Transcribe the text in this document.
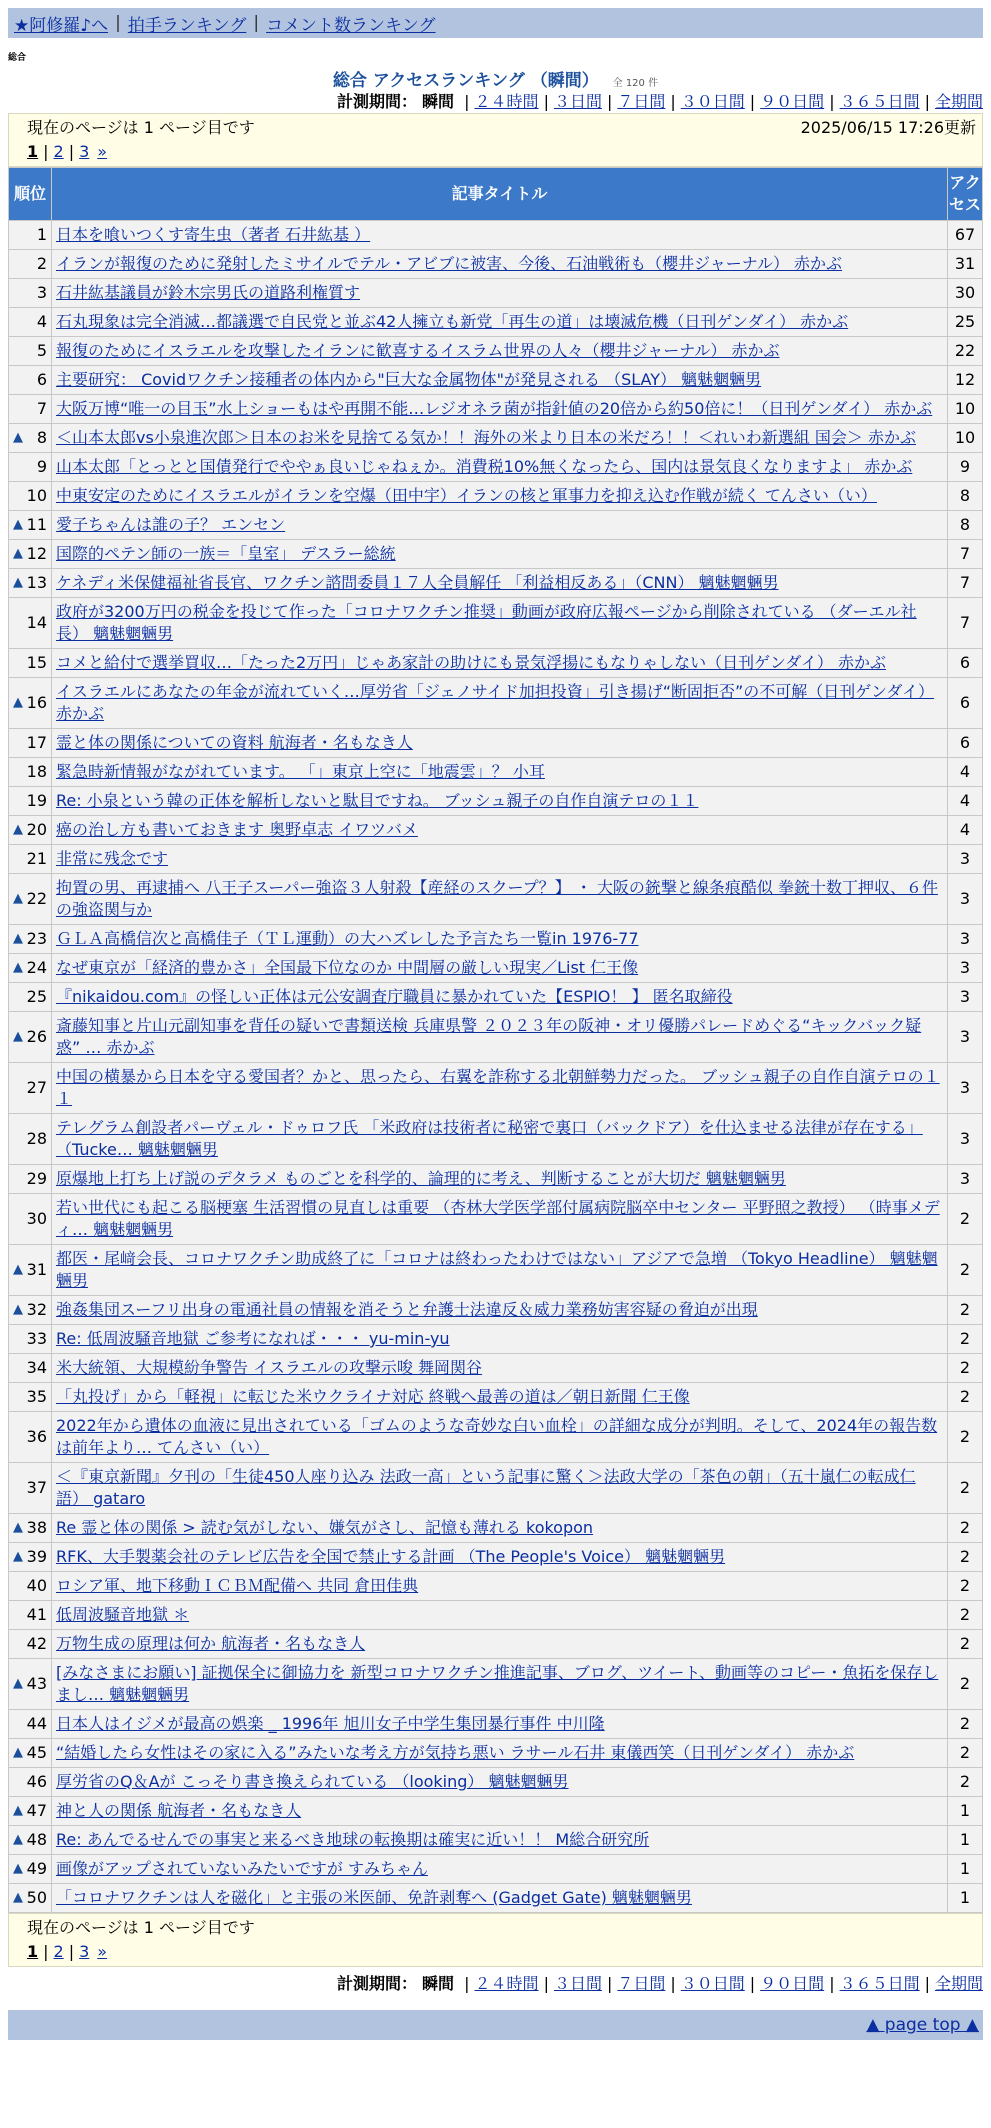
★阿修羅♪へ | 拍手ランキング | コメント数ランキング
総合
総合 アクセスランキング （瞬間） 全 120 件
計測期間： 瞬間 | ２４時間 | ３日間 | ７日間 | ３０日間 | ９０日間 | ３６５日間 | 全期間
現在のページは 1 ページ目です	2025/06/15 17:26更新
1 | 2 | 3 »
順位	記事タイトル	アクセス
1	日本を喰いつくす寄生虫（著者 石井紘基 ）	67
2	イランが報復のために発射したミサイルでテル・アビブに被害、今後、石油戦術も（櫻井ジャーナル） 赤かぶ	31
3	石井紘基議員が鈴木宗男氏の道路利権質す	30
4	石丸現象は完全消滅…都議選で自民党と並ぶ42人擁立も新党「再生の道」は壊滅危機（日刊ゲンダイ） 赤かぶ	25
5	報復のためにイスラエルを攻撃したイランに歓喜するイスラム世界の人々（櫻井ジャーナル） 赤かぶ	22
6	主要研究： Covidワクチン接種者の体内から"巨大な金属物体"が発見される （SLAY） 魑魅魍魎男	12
7	大阪万博“唯一の目玉”水上ショーもはや再開不能…レジオネラ菌が指針値の20倍から約50倍に！（日刊ゲンダイ） 赤かぶ	10

▲ 8	＜山本太郎vs小泉進次郎＞日本のお米を見捨てる気か！！海外の米より日本の米だろ！！＜れいわ新選組 国会＞ 赤かぶ	10
9	山本太郎「とっとと国債発行でややぁ良いじゃねぇか。消費税10%無くなったら、国内は景気良くなりますよ」 赤かぶ	9
10	中東安定のためにイスラエルがイランを空爆（田中宇）イランの核と軍事力を抑え込む作戦が続く てんさい（い）	8

▲ 11	愛子ちゃんは誰の子？ エンセン	8

▲ 12	国際的ペテン師の一族＝「皇室」 デスラー総統	7

▲ 13	ケネディ米保健福祉省長官、ワクチン諮問委員１７人全員解任 「利益相反ある」（CNN） 魑魅魍魎男	7
14	政府が3200万円の税金を投じて作った「コロナワクチン推奨」動画が政府広報ページから削除されている （ダーエル社長） 魑魅魍魎男	7
15	コメと給付で選挙買収…「たった2万円」じゃあ家計の助けにも景気浮揚にもなりゃしない（日刊ゲンダイ） 赤かぶ	6

▲ 16	イスラエルにあなたの年金が流れていく…厚労省「ジェノサイド加担投資」引き揚げ“断固拒否”の不可解（日刊ゲンダイ） 赤かぶ	6
17	霊と体の関係についての資料 航海者・名もなき人	6
18	緊急時新情報がながれています。 「」東京上空に「地震雲」？ 小耳	4
19	Re: 小泉という韓の正体を解析しないと駄目ですね。 ブッシュ親子の自作自演テロの１１	4

▲ 20	癌の治し方も書いておきます 奥野卓志 イワツバメ	4
21	非常に残念です	3

▲ 22	拘置の男、再逮捕へ 八王子スーパー強盗３人射殺【産経のスクープ？】 ・ 大阪の銃撃と線条痕酷似 拳銃十数丁押収、６件の強盗関与か	3

▲ 23	ＧＬＡ高橋信次と高橋佳子（ＴＬ運動）の大ハズレした予言たち一覧in 1976-77	3

▲ 24	なぜ東京が「経済的豊かさ」全国最下位なのか 中間層の厳しい現実／List 仁王像	3
25	『nikaidou.com』の怪しい正体は元公安調査庁職員に暴かれていた【ESPIO！ 】 匿名取締役	3

▲ 26	斎藤知事と片山元副知事を背任の疑いで書類送検 兵庫県警 ２０２３年の阪神・オリ優勝パレードめぐる“キックバック疑惑” … 赤かぶ	3
27	中国の横暴から日本を守る愛国者？かと、思ったら、右翼を詐称する北朝鮮勢力だった。 ブッシュ親子の自作自演テロの１１	3
28	テレグラム創設者パーヴェル・ドゥロフ氏 「米政府は技術者に秘密で裏口（バックドア）を仕込ませる法律が存在する」 （Tucke… 魑魅魍魎男	3
29	原爆地上打ち上げ説のデタラメ ものごとを科学的、論理的に考え、判断することが大切だ 魑魅魍魎男	3
30	若い世代にも起こる脳梗塞 生活習慣の見直しは重要 （杏林大学医学部付属病院脳卒中センター 平野照之教授） （時事メディ… 魑魅魍魎男	2

▲ 31	都医・尾﨑会長、コロナワクチン助成終了に「コロナは終わったわけではない」アジアで急増 （Tokyo Headline） 魑魅魍魎男	2

▲ 32	強姦集団スーフリ出身の電通社員の情報を消そうと弁護士法違反＆威力業務妨害容疑の脅迫が出現	2
33	Re: 低周波騒音地獄 ご参考になれば・・・ yu-min-yu	2
34	米大統領、大規模紛争警告 イスラエルの攻撃示唆 舞岡関谷	2
35	「丸投げ」から「軽視」に転じた米ウクライナ対応 終戦へ最善の道は／朝日新聞 仁王像	2
36	2022年から遺体の血液に見出されている「ゴムのような奇妙な白い血栓」の詳細な成分が判明。そして、2024年の報告数は前年より… てんさい（い）	2
37	＜『東京新聞』夕刊の「生徒450人座り込み 法政一高」という記事に驚く＞法政大学の「茶色の朝」（五十嵐仁の転成仁語） gataro	2

▲ 38	Re 霊と体の関係 > 読む気がしない、嫌気がさし、記憶も薄れる kokopon	2

▲ 39	RFK、大手製薬会社のテレビ広告を全国で禁止する計画 （The People's Voice） 魑魅魍魎男	2
40	ロシア軍、地下移動ＩＣＢＭ配備へ 共同 倉田佳典	2
41	低周波騒音地獄 ＊	2
42	万物生成の原理は何か 航海者・名もなき人	2

▲ 43	[みなさまにお願い] 証拠保全に御協力を 新型コロナワクチン推進記事、ブログ、ツイート、動画等のコピー・魚拓を保存しまし… 魑魅魍魎男	2
44	日本人はイジメが最高の娯楽 _ 1996年 旭川女子中学生集団暴行事件 中川隆	2

▲ 45	“結婚したら女性はその家に入る”みたいな考え方が気持ち悪い ラサール石井 東儀西笑（日刊ゲンダイ） 赤かぶ	2
46	厚労省のQ＆Aが こっそり書き換えられている （looking） 魑魅魍魎男	2

▲ 47	神と人の関係 航海者・名もなき人	1

▲ 48	Re: あんでるせんでの事実と来るべき地球の転換期は確実に近い！！ M総合研究所	1

▲ 49	画像がアップされていないみたいですが すみちゃん	1

▲ 50	「コロナワクチンは人を磁化」と主張の米医師、免許剥奪へ (Gadget Gate) 魑魅魍魎男	1
現在のページは 1 ページ目です
1 | 2 | 3 »
計測期間： 瞬間 | ２４時間 | ３日間 | ７日間 | ３０日間 | ９０日間 | ３６５日間 | 全期間
▲ page top ▲
